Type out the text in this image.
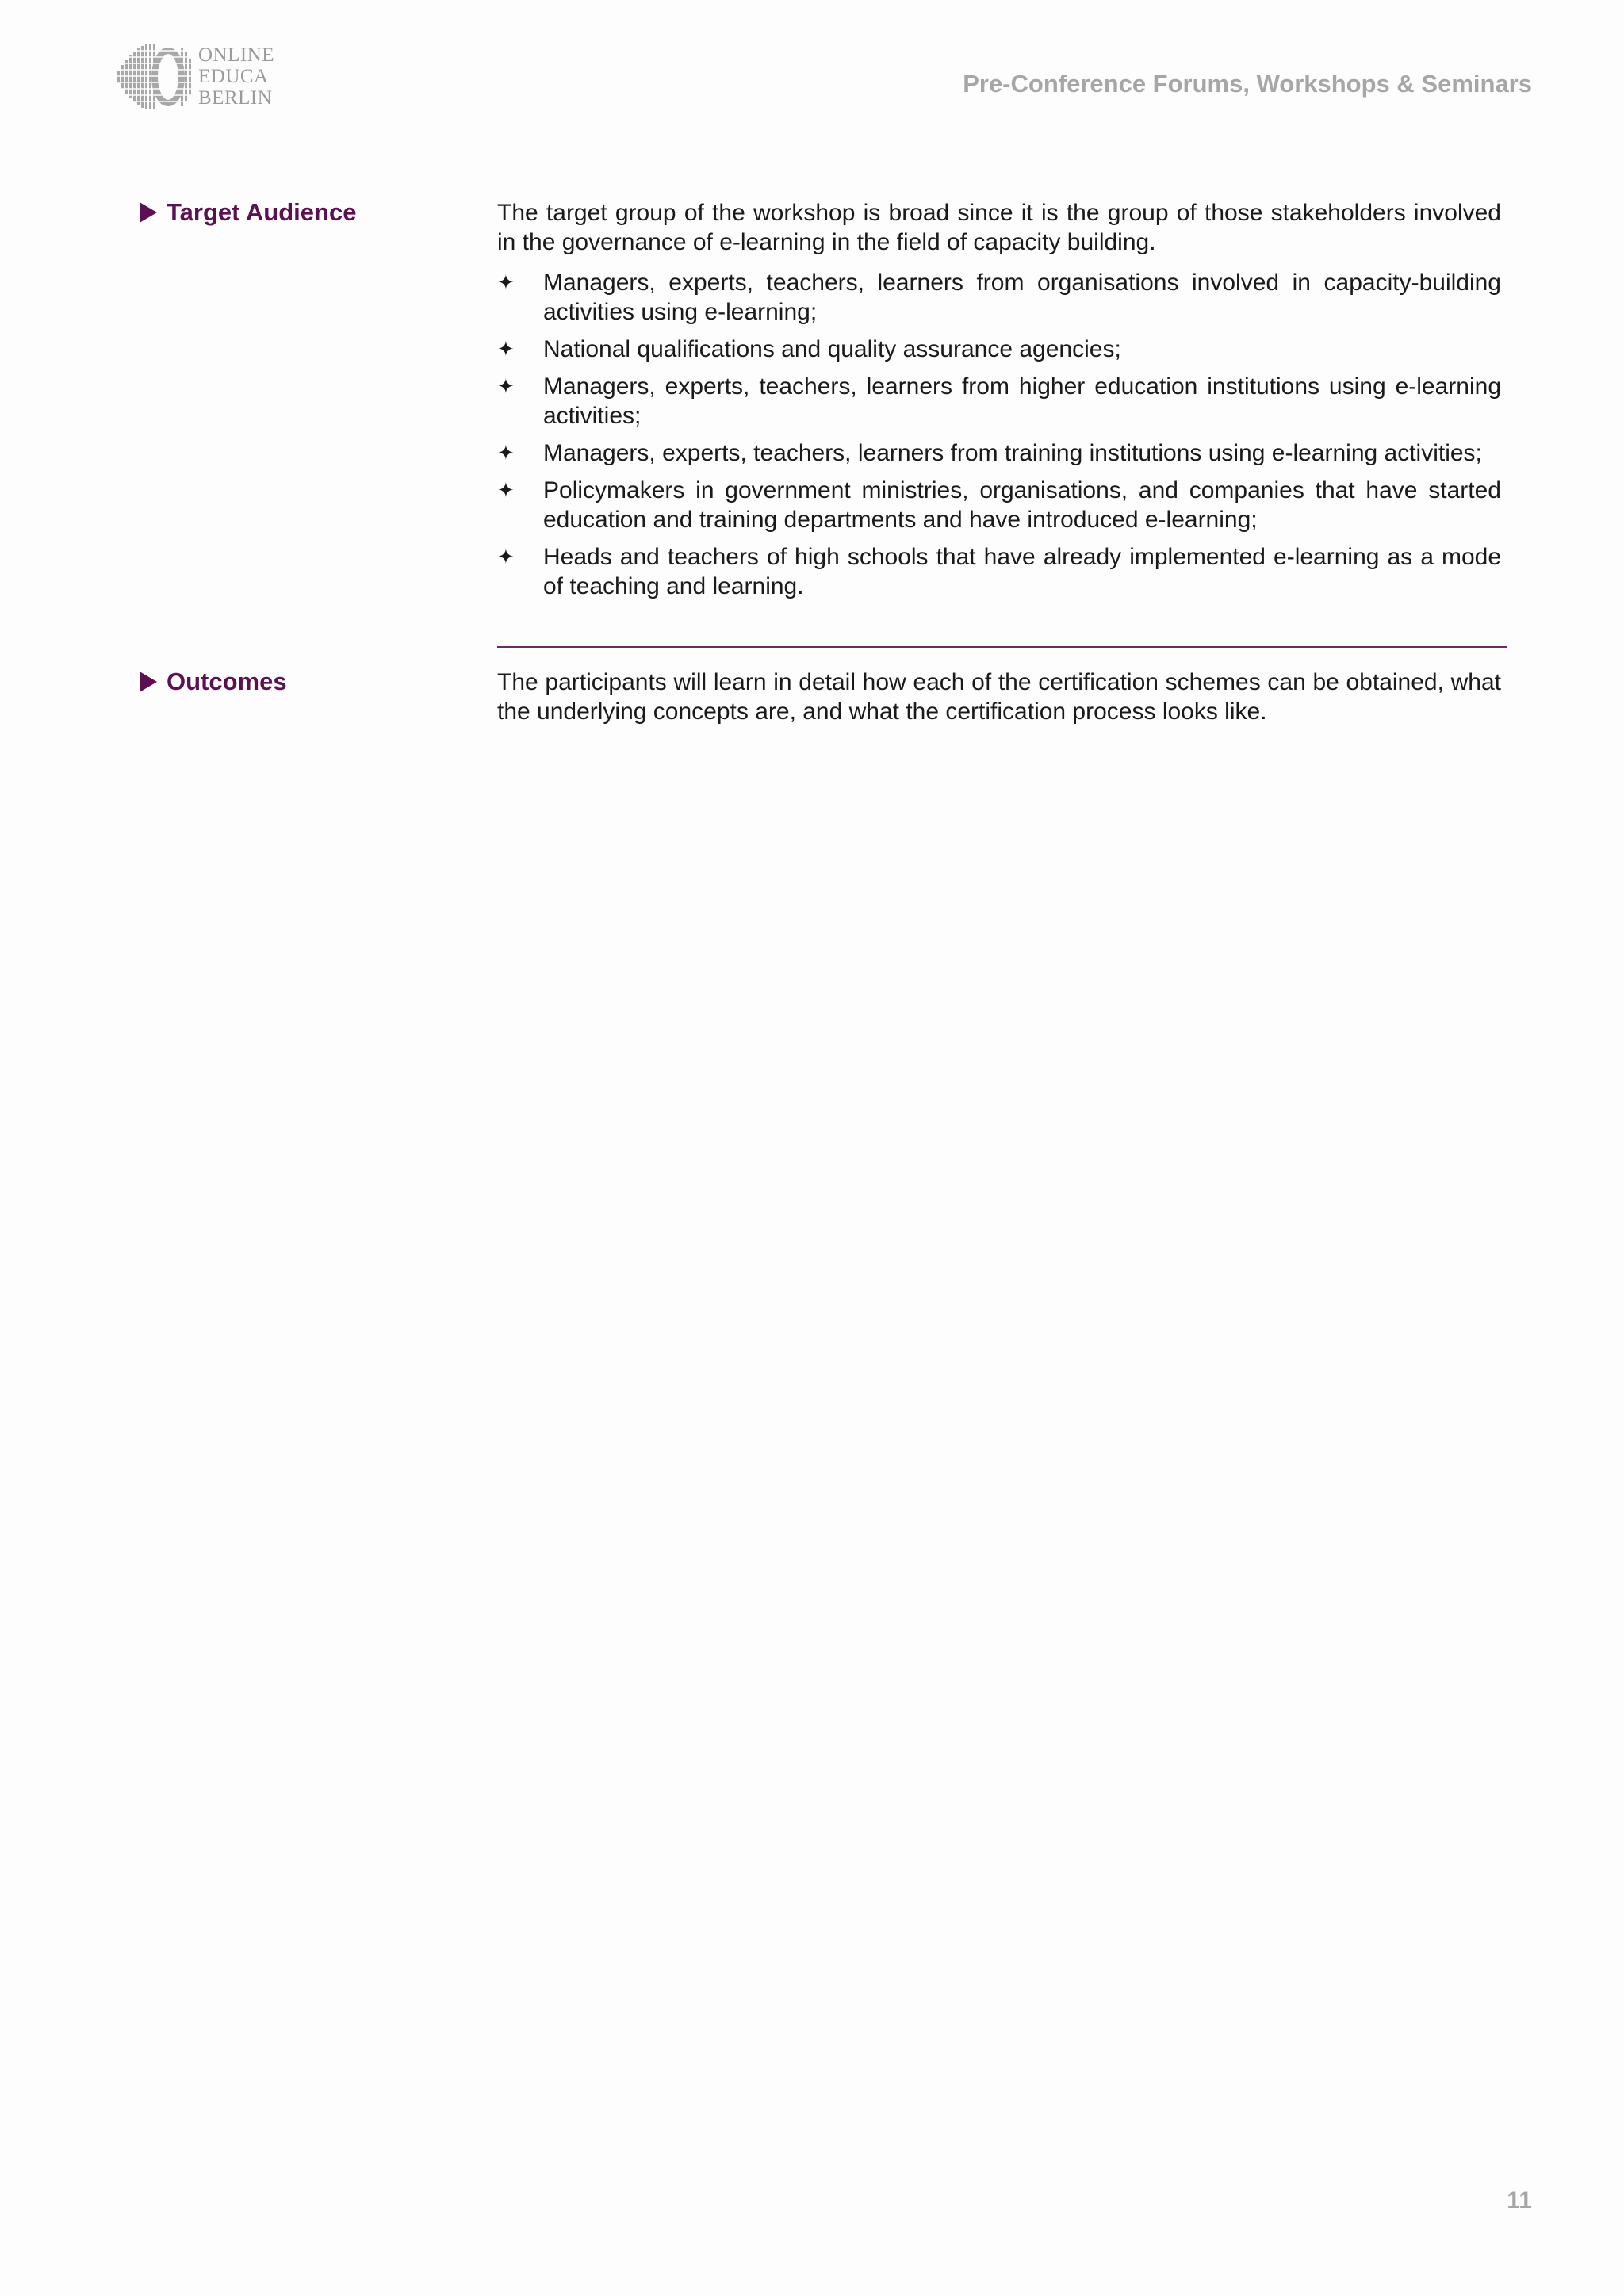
ONLINE
EDUCA
BERLIN
Pre-Conference Forums, Workshops & Seminars
Target Audience	The target group of the workshop is broad since it is the group of those stakeholders involved in the governance of e-learning in the field of capacity building.

✦ Managers, experts, teachers, learners from organisations involved in capacity-building activities using e-learning;
✦ National qualifications and quality assurance agencies;
✦ Managers, experts, teachers, learners from higher education institutions using e-learning activities;
✦ Managers, experts, teachers, learners from training institutions using e-learning activities;
✦ Policymakers in government ministries, organisations, and companies that have started education and training departments and have introduced e-learning;
✦ Heads and teachers of high schools that have already implemented e-learning as a mode of teaching and learning.
Outcomes	The participants will learn in detail how each of the certification schemes can be obtained, what the underlying concepts are, and what the certification process looks like.

11
